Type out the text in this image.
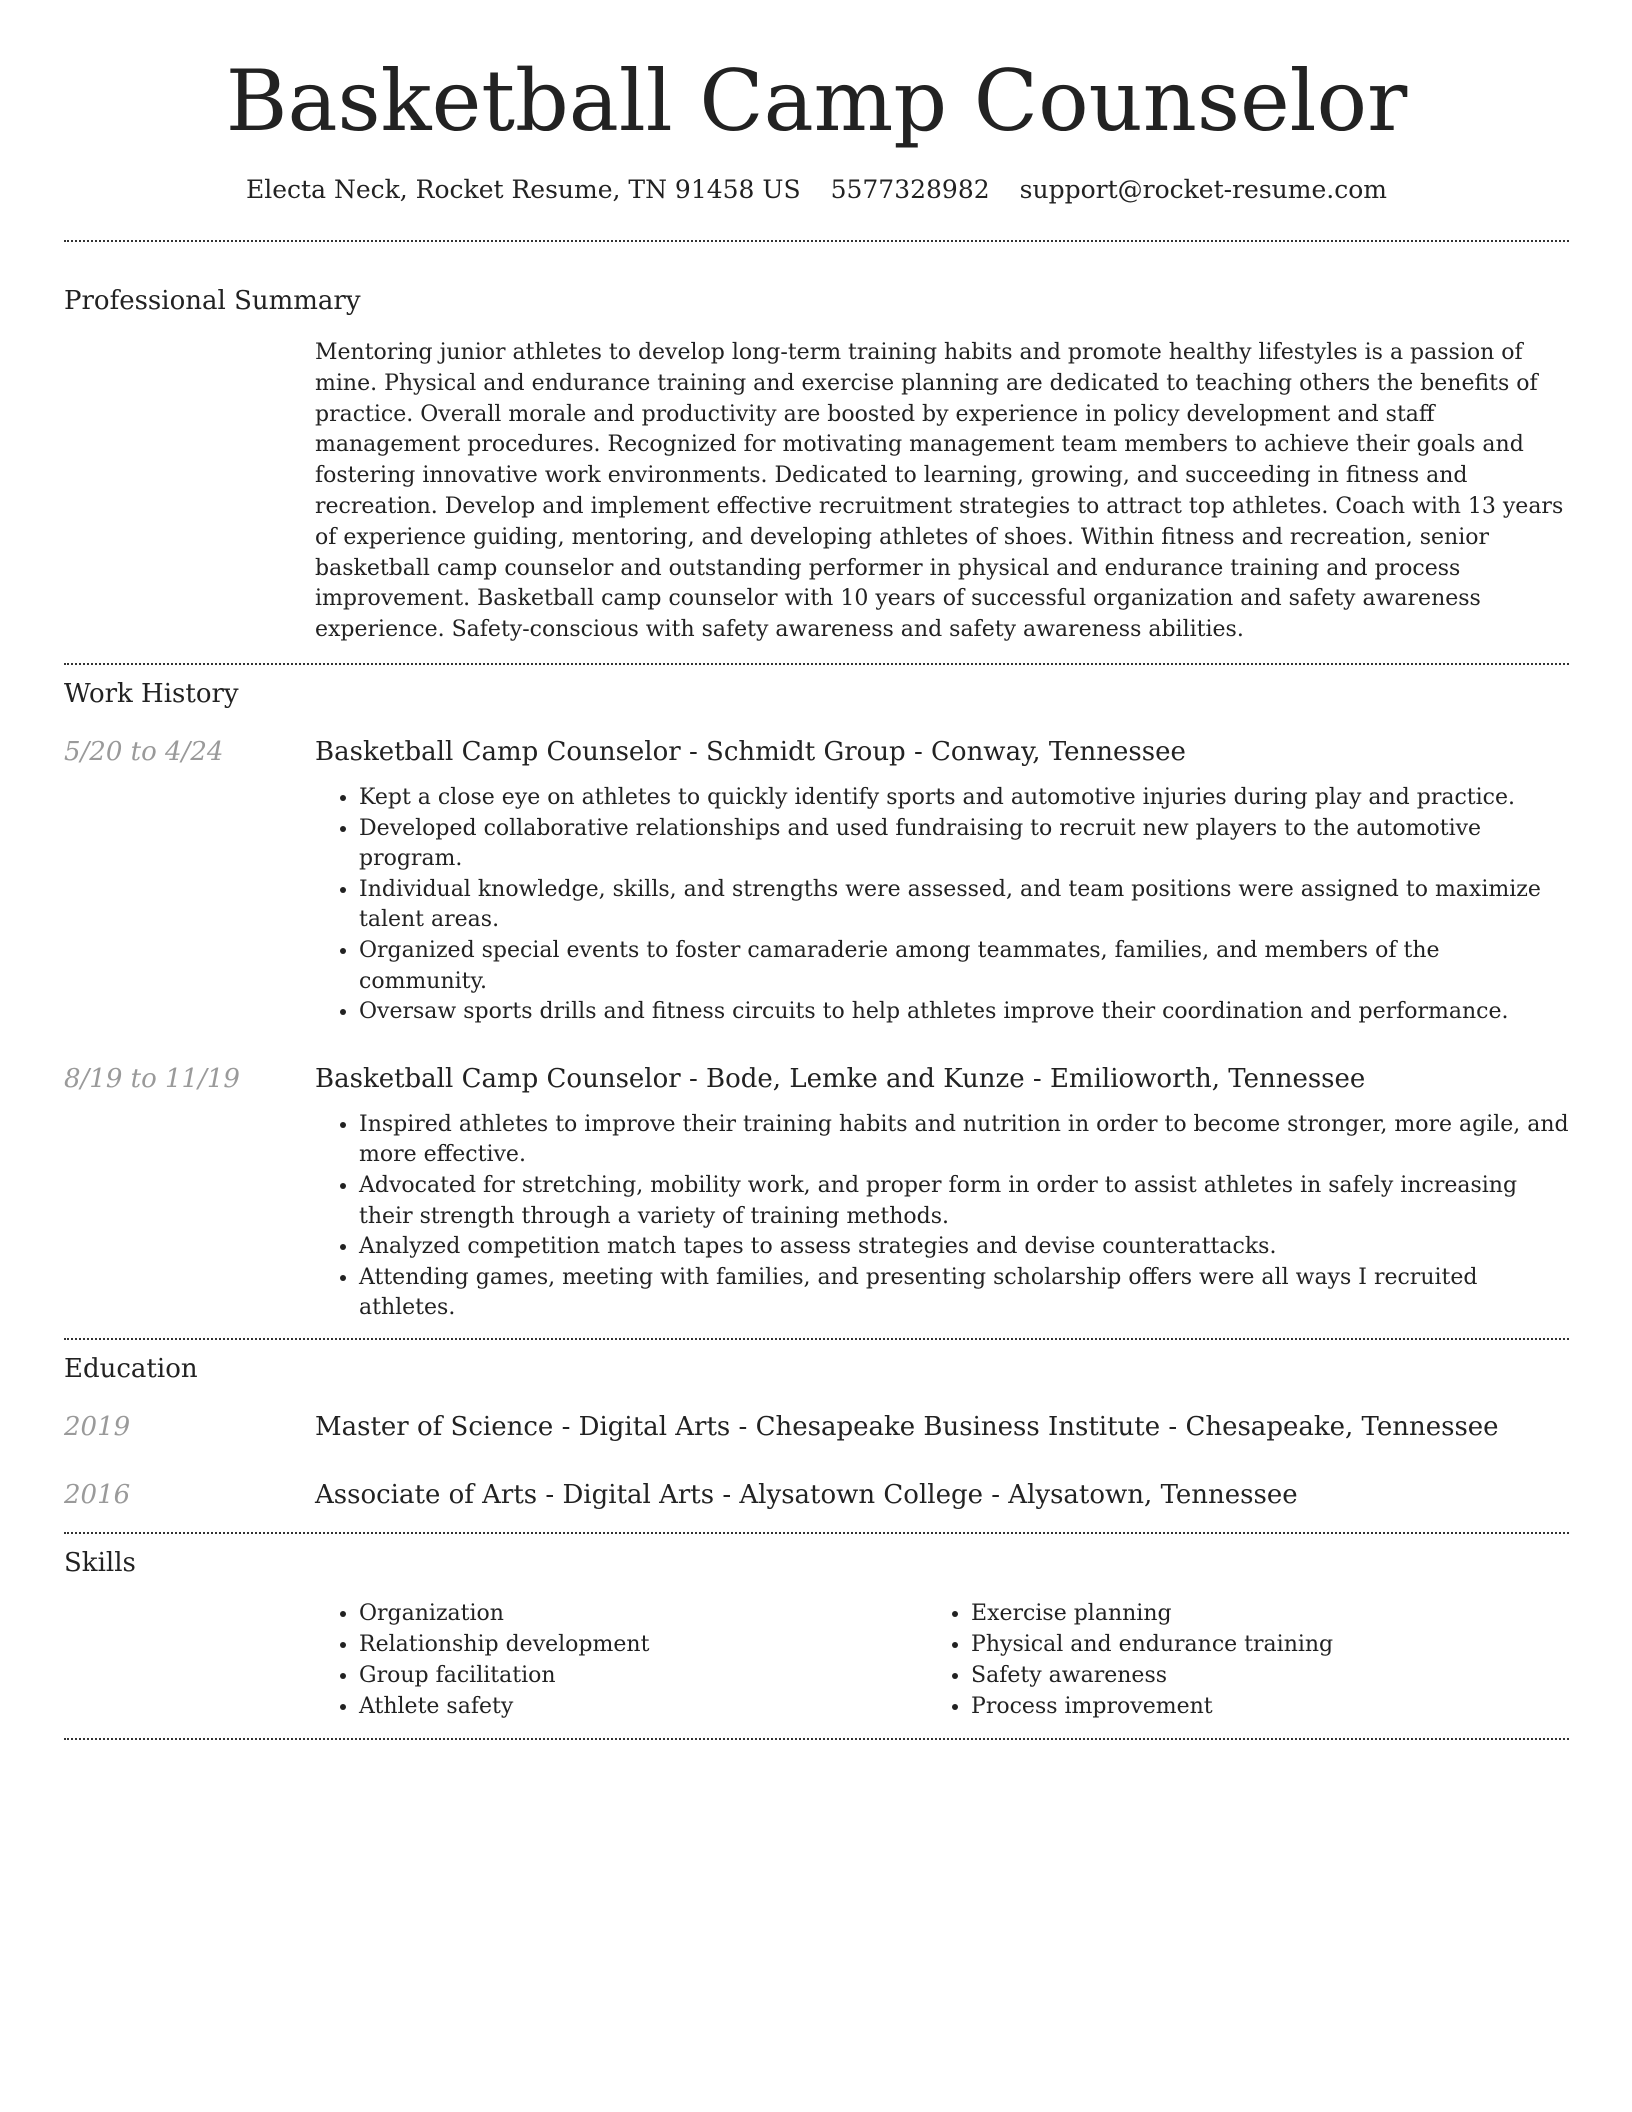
Basketball Camp Counselor
Electa Neck, Rocket Resume, TN 91458 US 5577328982 support@rocket-resume.com
Professional Summary

Mentoring junior athletes to develop long-term training habits and promote healthy lifestyles is a passion of mine. Physical and endurance training and exercise planning are dedicated to teaching others the benefits of practice. Overall morale and productivity are boosted by experience in policy development and staff management procedures. Recognized for motivating management team members to achieve their goals and fostering innovative work environments. Dedicated to learning, growing, and succeeding in fitness and recreation. Develop and implement effective recruitment strategies to attract top athletes. Coach with 13 years of experience guiding, mentoring, and developing athletes of shoes. Within fitness and recreation, senior basketball camp counselor and outstanding performer in physical and endurance training and process improvement. Basketball camp counselor with 10 years of successful organization and safety awareness experience. Safety-conscious with safety awareness and safety awareness abilities.

Work History
5/20 to 4/24	Basketball Camp Counselor - Schmidt Group - Conway, Tennessee
• Kept a close eye on athletes to quickly identify sports and automotive injuries during play and practice.
• Developed collaborative relationships and used fundraising to recruit new players to the automotive program.
• Individual knowledge, skills, and strengths were assessed, and team positions were assigned to maximize talent areas.
• Organized special events to foster camaraderie among teammates, families, and members of the community.
• Oversaw sports drills and fitness circuits to help athletes improve their coordination and performance.
8/19 to 11/19	Basketball Camp Counselor - Bode, Lemke and Kunze - Emilioworth, Tennessee
• Inspired athletes to improve their training habits and nutrition in order to become stronger, more agile, and more effective.
• Advocated for stretching, mobility work, and proper form in order to assist athletes in safely increasing their strength through a variety of training methods.
• Analyzed competition match tapes to assess strategies and devise counterattacks.
• Attending games, meeting with families, and presenting scholarship offers were all ways I recruited athletes.
Education
2019	Master of Science - Digital Arts - Chesapeake Business Institute - Chesapeake, Tennessee
2016	Associate of Arts - Digital Arts - Alysatown College - Alysatown, Tennessee
Skills
• Organization
• Relationship development
• Group facilitation
• Athlete safety
• Exercise planning
• Physical and endurance training
• Safety awareness
• Process improvement
